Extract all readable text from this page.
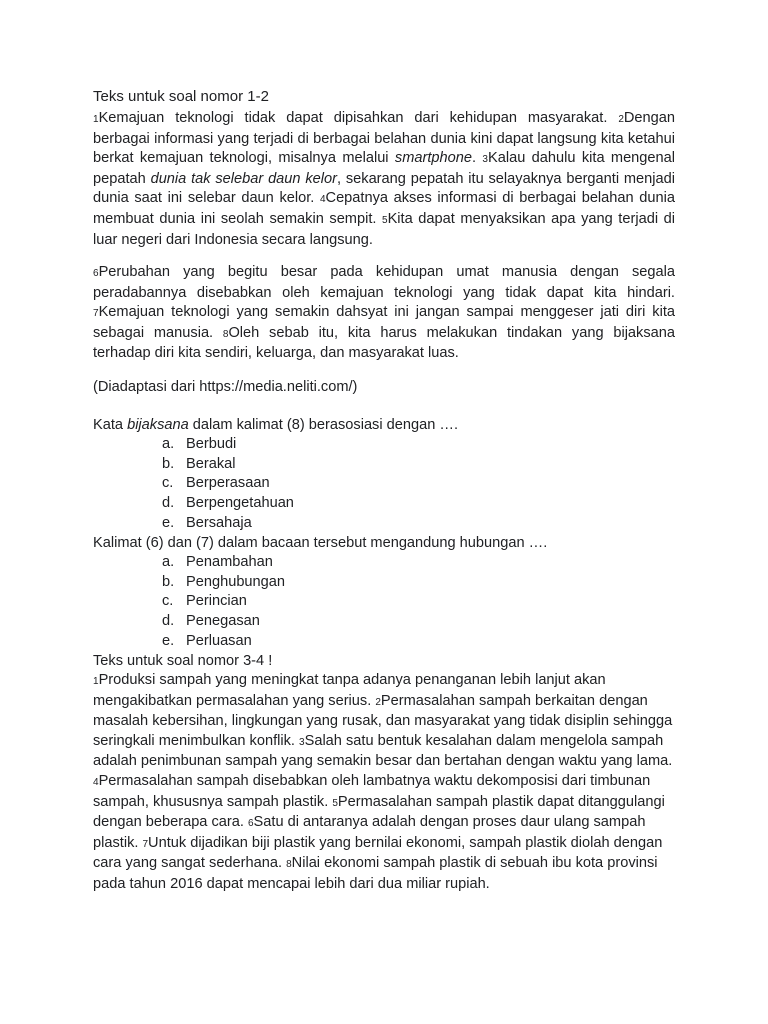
Teks untuk soal nomor 1-2

1Kemajuan teknologi tidak dapat dipisahkan dari kehidupan masyarakat. 2Dengan berbagai informasi yang terjadi di berbagai belahan dunia kini dapat langsung kita ketahui berkat kemajuan teknologi, misalnya melalui smartphone. 3Kalau dahulu kita mengenal pepatah dunia tak selebar daun kelor, sekarang pepatah itu selayaknya berganti menjadi dunia saat ini selebar daun kelor. 4Cepatnya akses informasi di berbagai belahan dunia membuat dunia ini seolah semakin sempit. 5Kita dapat menyaksikan apa yang terjadi di luar negeri dari Indonesia secara langsung.

6Perubahan yang begitu besar pada kehidupan umat manusia dengan segala peradabannya disebabkan oleh kemajuan teknologi yang tidak dapat kita hindari. 7Kemajuan teknologi yang semakin dahsyat ini jangan sampai menggeser jati diri kita sebagai manusia. 8Oleh sebab itu, kita harus melakukan tindakan yang bijaksana terhadap diri kita sendiri, keluarga, dan masyarakat luas.

(Diadaptasi dari https://media.neliti.com/)
Kata bijaksana dalam kalimat (8) berasosiasi dengan ….
a. Berbudi
b. Berakal
c. Berperasaan
d. Berpengetahuan
e. Bersahaja
Kalimat (6) dan (7) dalam bacaan tersebut mengandung hubungan ….
a. Penambahan
b. Penghubungan
c. Perincian
d. Penegasan
e. Perluasan
Teks untuk soal nomor 3-4 !

1Produksi sampah yang meningkat tanpa adanya penanganan lebih lanjut akan mengakibatkan permasalahan yang serius. 2Permasalahan sampah berkaitan dengan masalah kebersihan, lingkungan yang rusak, dan masyarakat yang tidak disiplin sehingga seringkali menimbulkan konflik. 3Salah satu bentuk kesalahan dalam mengelola sampah adalah penimbunan sampah yang semakin besar dan bertahan dengan waktu yang lama. 4Permasalahan sampah disebabkan oleh lambatnya waktu dekomposisi dari timbunan sampah, khususnya sampah plastik. 5Permasalahan sampah plastik dapat ditanggulangi dengan beberapa cara. 6Satu di antaranya adalah dengan proses daur ulang sampah plastik. 7Untuk dijadikan biji plastik yang bernilai ekonomi, sampah plastik diolah dengan cara yang sangat sederhana. 8Nilai ekonomi sampah plastik di sebuah ibu kota provinsi pada tahun 2016 dapat mencapai lebih dari dua miliar rupiah.
